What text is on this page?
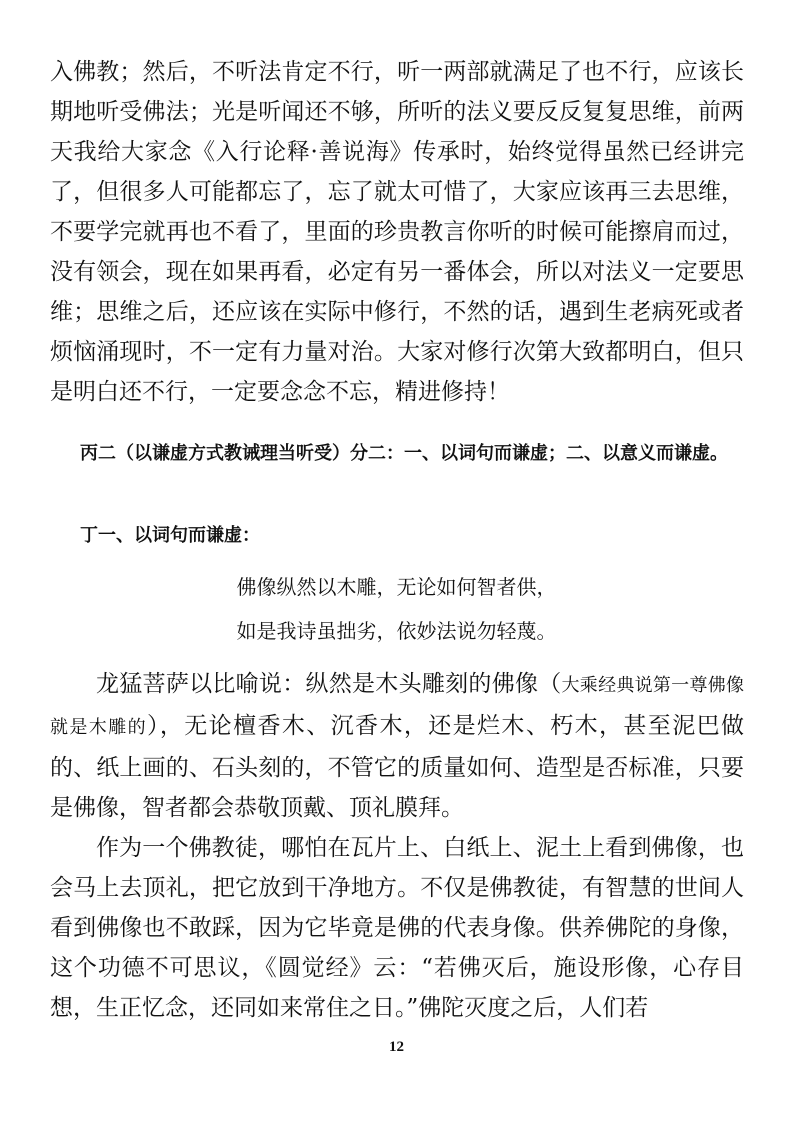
入佛教；然后，不听法肯定不行，听一两部就满足了也不行，应该长期地听受佛法；光是听闻还不够，所听的法义要反反复复思维，前两天我给大家念《入行论释·善说海》传承时，始终觉得虽然已经讲完了，但很多人可能都忘了，忘了就太可惜了，大家应该再三去思维，不要学完就再也不看了，里面的珍贵教言你听的时候可能擦肩而过，没有领会，现在如果再看，必定有另一番体会，所以对法义一定要思维；思维之后，还应该在实际中修行，不然的话，遇到生老病死或者烦恼涌现时，不一定有力量对治。大家对修行次第大致都明白，但只是明白还不行，一定要念念不忘，精进修持！

丙二（以谦虚方式教诫理当听受）分二：一、以词句而谦虚；二、以意义而谦虚。

丁一、以词句而谦虚：

佛像纵然以木雕，无论如何智者供，

如是我诗虽拙劣，依妙法说勿轻蔑。

龙猛菩萨以比喻说：纵然是木头雕刻的佛像（大乘经典说第一尊佛像就是木雕的），无论檀香木、沉香木，还是烂木、朽木，甚至泥巴做的、纸上画的、石头刻的，不管它的质量如何、造型是否标准，只要是佛像，智者都会恭敬顶戴、顶礼膜拜。

作为一个佛教徒，哪怕在瓦片上、白纸上、泥土上看到佛像，也会马上去顶礼，把它放到干净地方。不仅是佛教徒，有智慧的世间人看到佛像也不敢踩，因为它毕竟是佛的代表身像。供养佛陀的身像，这个功德不可思议，《圆觉经》云：“若佛灭后，施设形像，心存目想，生正忆念，还同如来常住之日。”佛陀灭度之后，人们若

12
